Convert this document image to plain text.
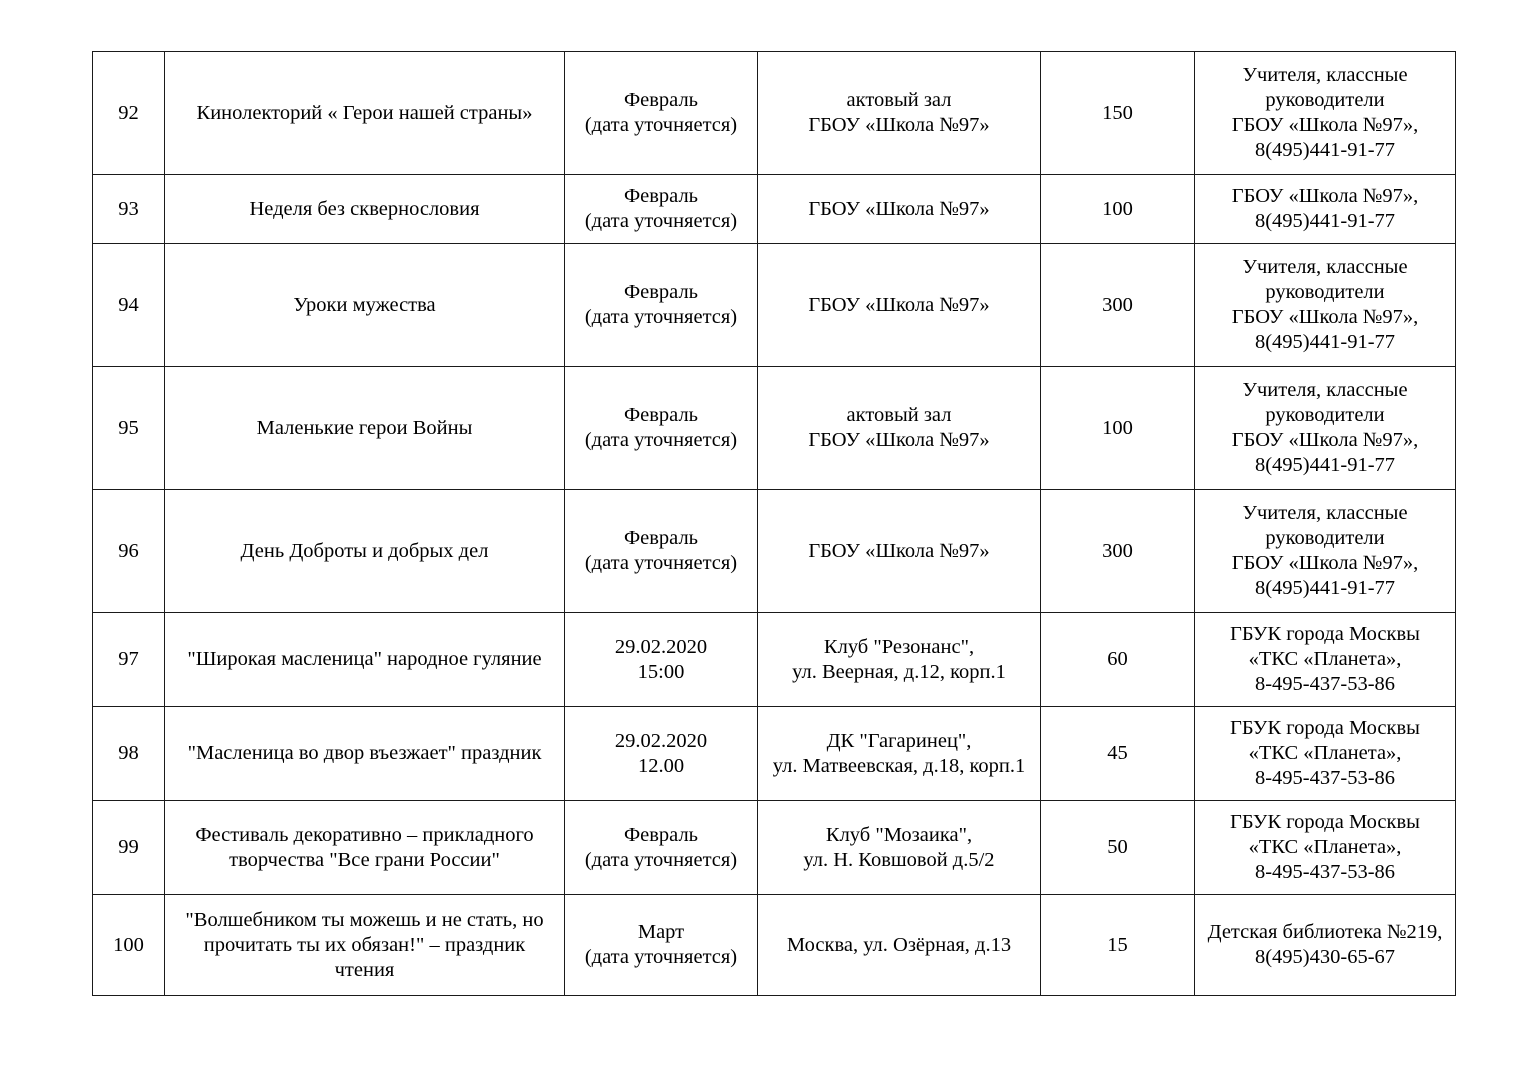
92	Кинолекторий « Герои нашей страны»	Февраль
(дата уточняется)	актовый зал
ГБОУ «Школа №97»	150	Учителя, классные
руководители
ГБОУ «Школа №97»,
8(495)441-91-77

93	Неделя без сквернословия	Февраль
(дата уточняется)	ГБОУ «Школа №97»	100	ГБОУ «Школа №97»,
8(495)441-91-77

94	Уроки мужества	Февраль
(дата уточняется)	ГБОУ «Школа №97»	300	Учителя, классные
руководители
ГБОУ «Школа №97»,
8(495)441-91-77

95	Маленькие герои Войны	Февраль
(дата уточняется)	актовый зал
ГБОУ «Школа №97»	100	Учителя, классные
руководители
ГБОУ «Школа №97»,
8(495)441-91-77

96	День Доброты и добрых дел	Февраль
(дата уточняется)	ГБОУ «Школа №97»	300	Учителя, классные
руководители
ГБОУ «Школа №97»,
8(495)441-91-77

97	"Широкая масленица" народное гуляние	29.02.2020
15:00	Клуб "Резонанс",
ул. Веерная, д.12, корп.1	60	ГБУК города Москвы
«ТКС «Планета»,
8-495-437-53-86

98	"Масленица во двор въезжает" праздник	29.02.2020
12.00	ДК "Гагаринец",
ул. Матвеевская, д.18, корп.1	45	ГБУК города Москвы
«ТКС «Планета»,
8-495-437-53-86

99	Фестиваль декоративно – прикладного
творчества "Все грани России"	Февраль
(дата уточняется)	Клуб "Мозаика",
ул. Н. Ковшовой д.5/2	50	ГБУК города Москвы
«ТКС «Планета»,
8-495-437-53-86

100	"Волшебником ты можешь и не стать, но
прочитать ты их обязан!" – праздник
чтения	Март
(дата уточняется)	Москва, ул. Озёрная, д.13	15	Детская библиотека №219,
8(495)430-65-67
